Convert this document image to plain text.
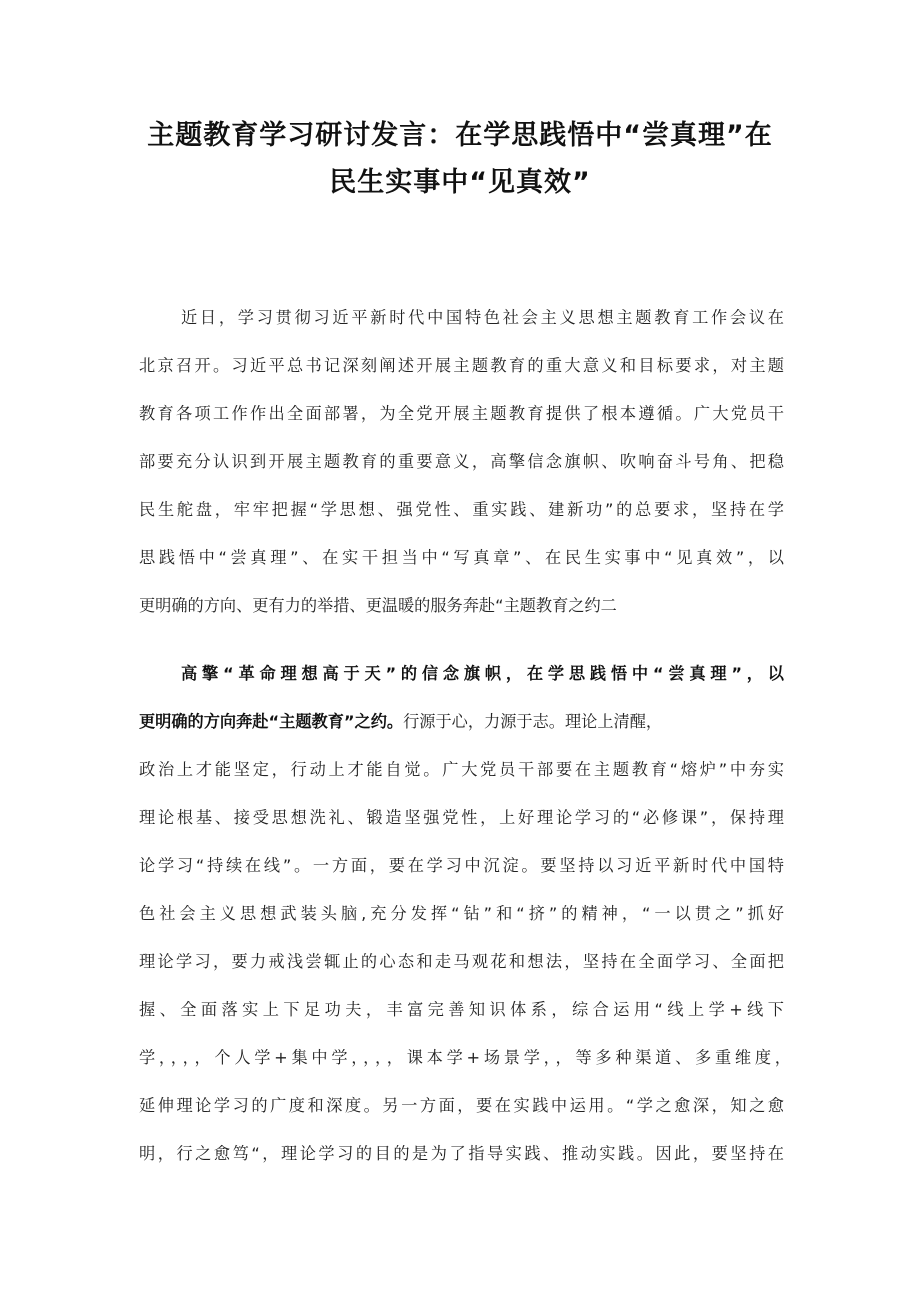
主题教育学习研讨发言：在学思践悟中“尝真理”在
民生实事中“见真效”
近日，学习贯彻习近平新时代中国特色社会主义思想主题教育工作会议在
北京召开。习近平总书记深刻阐述开展主题教育的重大意义和目标要求，对主题
教育各项工作作出全面部署，为全党开展主题教育提供了根本遵循。广大党员干
部要充分认识到开展主题教育的重要意义，高擎信念旗帜、吹响奋斗号角、把稳
民生舵盘，牢牢把握“学思想、强党性、重实践、建新功”的总要求，坚持在学
思践悟中“尝真理”、在实干担当中“写真章”、在民生实事中“见真效”，以
更明确的方向、更有力的举措、更温暖的服务奔赴“主题教育之约二
高擎“革命理想高于天”的信念旗帜，在学思践悟中“尝真理”，以
更明确的方向奔赴“主题教育”之约。行源于心，力源于志。理论上清醒，
政治上才能坚定，行动上才能自觉。广大党员干部要在主题教育“熔炉”中夯实
理论根基、接受思想洗礼、锻造坚强党性，上好理论学习的“必修课”，保持理
论学习“持续在线”。一方面，要在学习中沉淀。要坚持以习近平新时代中国特
色社会主义思想武装头脑,充分发挥“钻”和“挤”的精神，“一以贯之”抓好
理论学习，要力戒浅尝辄止的心态和走马观花和想法，坚持在全面学习、全面把
握、全面落实上下足功夫，丰富完善知识体系，综合运用“线上学+线下
学，，，，个人学+集中学，，，，课本学+场景学，，等多种渠道、多重维度，
延伸理论学习的广度和深度。另一方面，要在实践中运用。“学之愈深，知之愈
明，行之愈笃“，理论学习的目的是为了指导实践、推动实践。因此，要坚持在
